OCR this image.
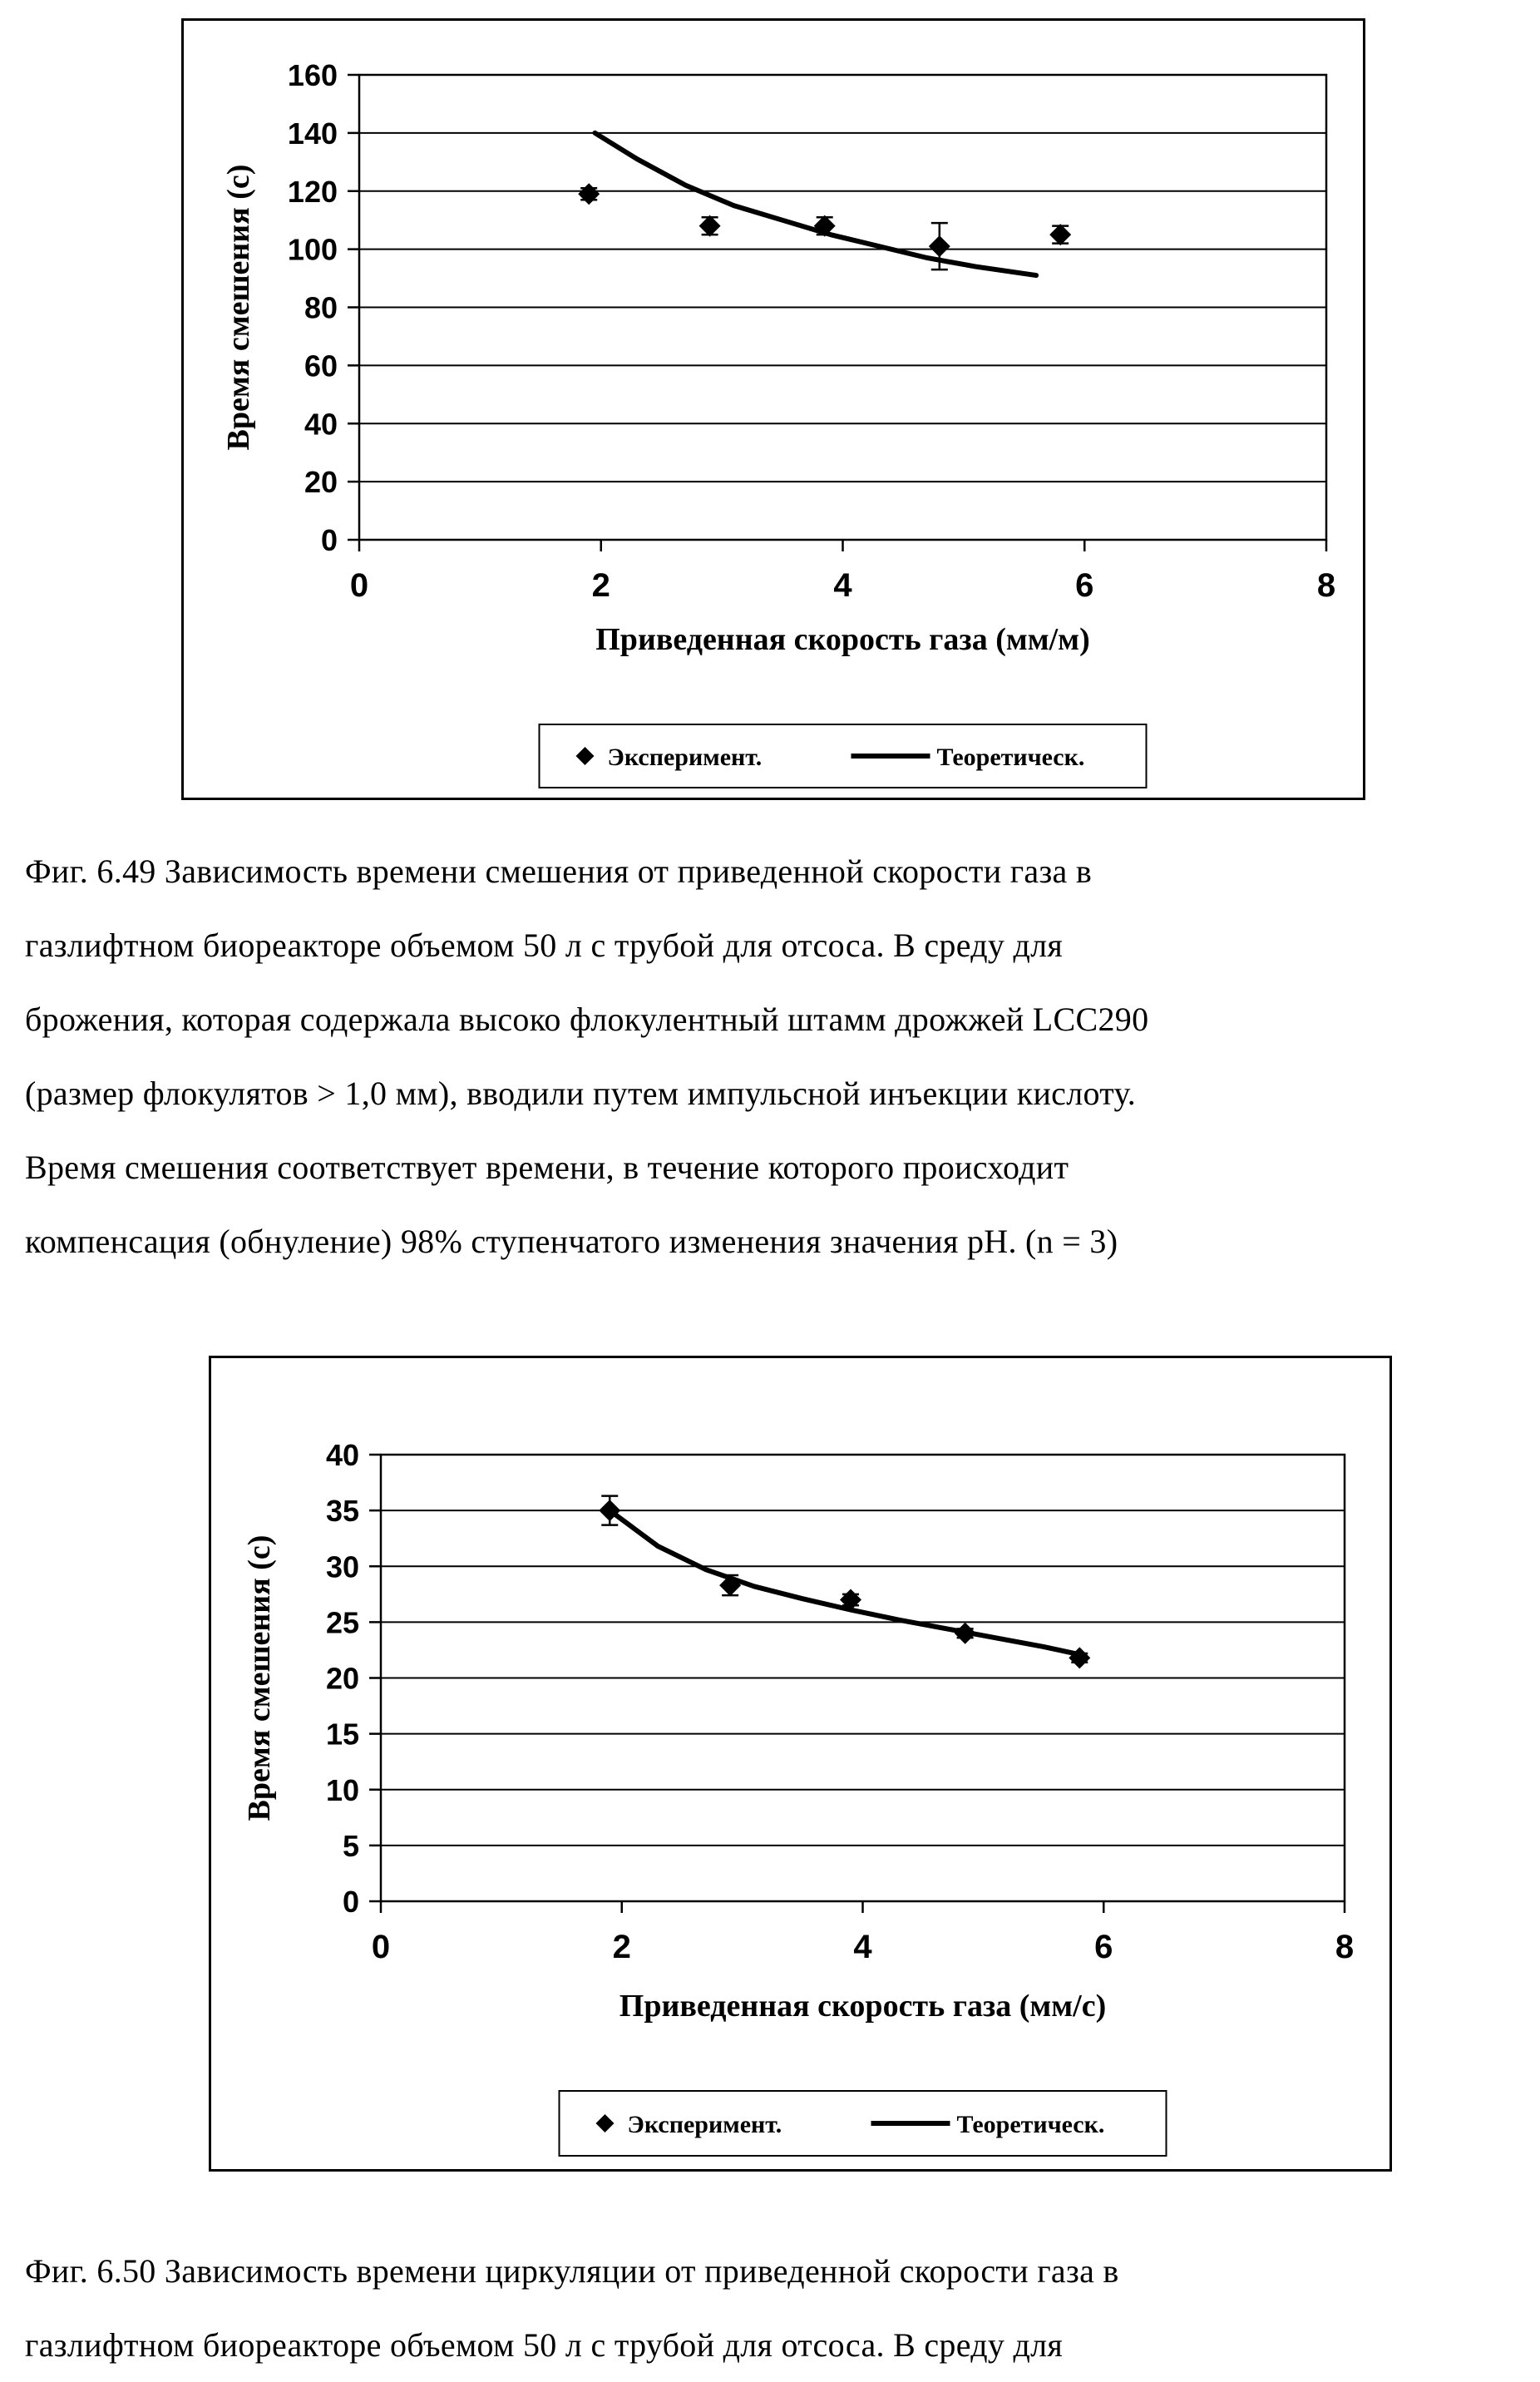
0
20
40
60
80
100
120
140
160
0	2	4	6	8
Приведенная скорость газа (мм/м)
Время смешения (с)
Эксперимент.	Теоретическ.
Фиг. 6.49 Зависимость времени смешения от приведенной скорости газа в
газлифтном биореакторе объемом 50 л с трубой для отсоса. В среду для
брожения, которая содержала высоко флокулентный штамм дрожжей LCC290
(размер флокулятов > 1,0 мм), вводили путем импульсной инъекции кислоту.
Время смешения соответствует времени, в течение которого происходит
компенсация (обнуление) 98% ступенчатого изменения значения pH. (n = 3)
0
5
10
15
20
25
30
35
40
0	2	4	6	8
Приведенная скорость газа (мм/с)
Время смешения (с)
Эксперимент.	Теоретическ.
Фиг. 6.50 Зависимость времени циркуляции от приведенной скорости газа в
газлифтном биореакторе объемом 50 л с трубой для отсоса. В среду для
